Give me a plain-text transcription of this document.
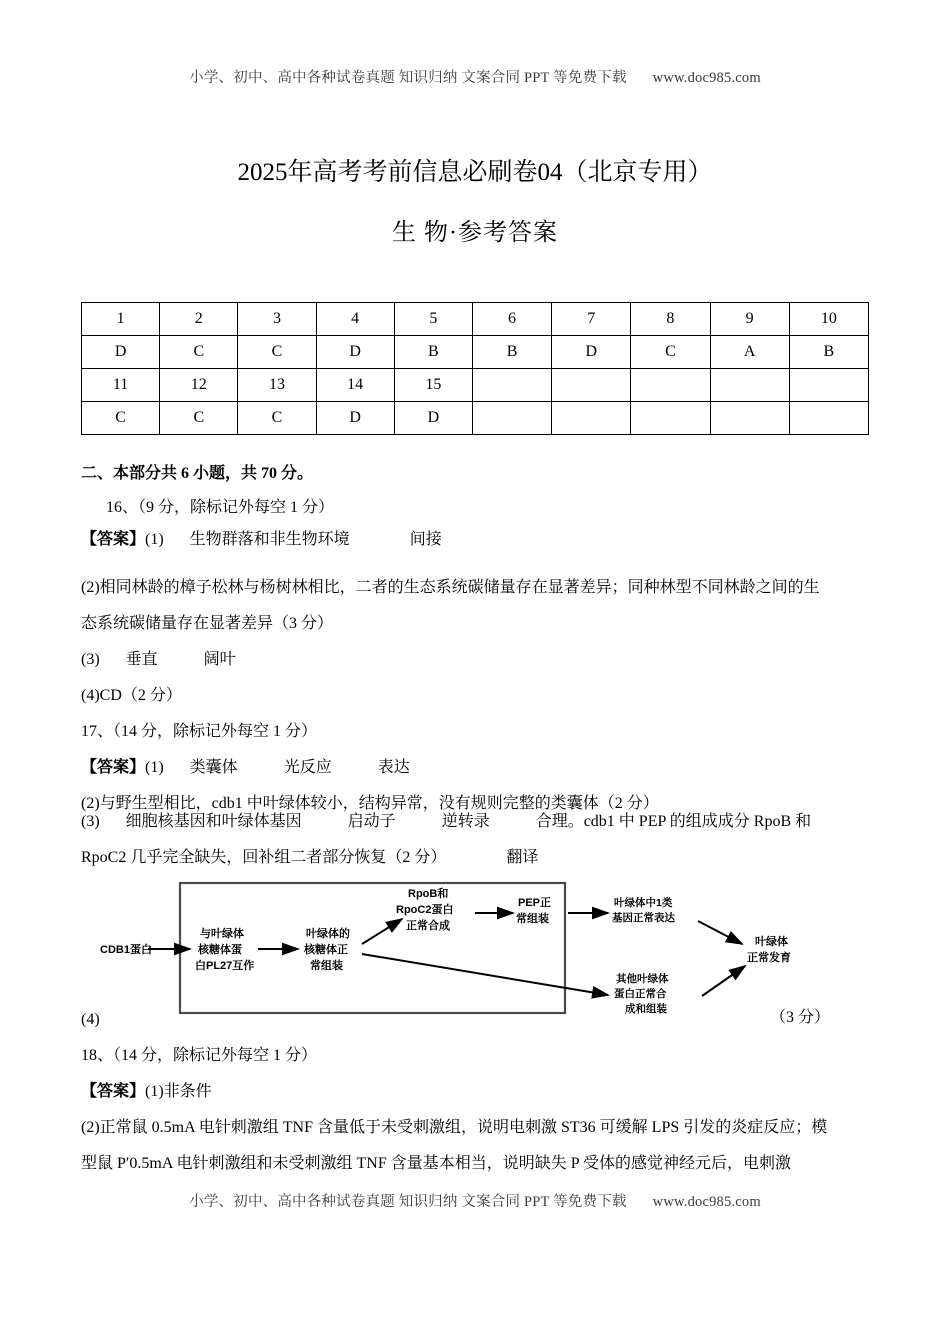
小学、初中、高中各种试卷真题 知识归纳 文案合同 PPT 等免费下载 www.doc985.com
2025年高考考前信息必刷卷04（北京专用）
生 物·参考答案
1	2	3	4	5	6	7	8	9	10
D	C	C	D	B	B	D	C	A	B
11	12	13	14	15					
C	C	C	D	D					
二、本部分共 6 小题，共 70 分。
16、（9 分，除标记外每空 1 分）
【答案】(1) 生物群落和非生物环境	间接
(2)相同林龄的樟子松林与杨树林相比，二者的生态系统碳储量存在显著差异；同种林型不同林龄之间的生
态系统碳储量存在显著差异（3 分）
(3) 垂直	阔叶
(4)CD（2 分）
17、（14 分，除标记外每空 1 分）
【答案】(1) 类囊体	光反应	表达
(2)与野生型相比，cdb1 中叶绿体较小，结构异常，没有规则完整的类囊体（2 分）
(3) 细胞核基因和叶绿体基因	启动子	逆转录	合理。cdb1 中 PEP 的组成成分 RpoB 和
RpoC2 几乎完全缺失，回补组二者部分恢复（2 分）	翻译
CDB1蛋白
与叶绿体
核糖体蛋
白PL27互作
叶绿体的
核糖体正
常组装
RpoB和
RpoC2蛋白
正常合成
PEP正
常组装
叶绿体中1类
基因正常表达
其他叶绿体
蛋白正常合
成和组装
叶绿体
正常发育
(4)	（3 分）
18、（14 分，除标记外每空 1 分）
【答案】(1)非条件
(2)正常鼠 0.5mA 电针刺激组 TNF 含量低于未受刺激组，说明电刺激 ST36 可缓解 LPS 引发的炎症反应；模
型鼠 P′0.5mA 电针刺激组和未受刺激组 TNF 含量基本相当，说明缺失 P 受体的感觉神经元后，电刺激
小学、初中、高中各种试卷真题 知识归纳 文案合同 PPT 等免费下载 www.doc985.com
